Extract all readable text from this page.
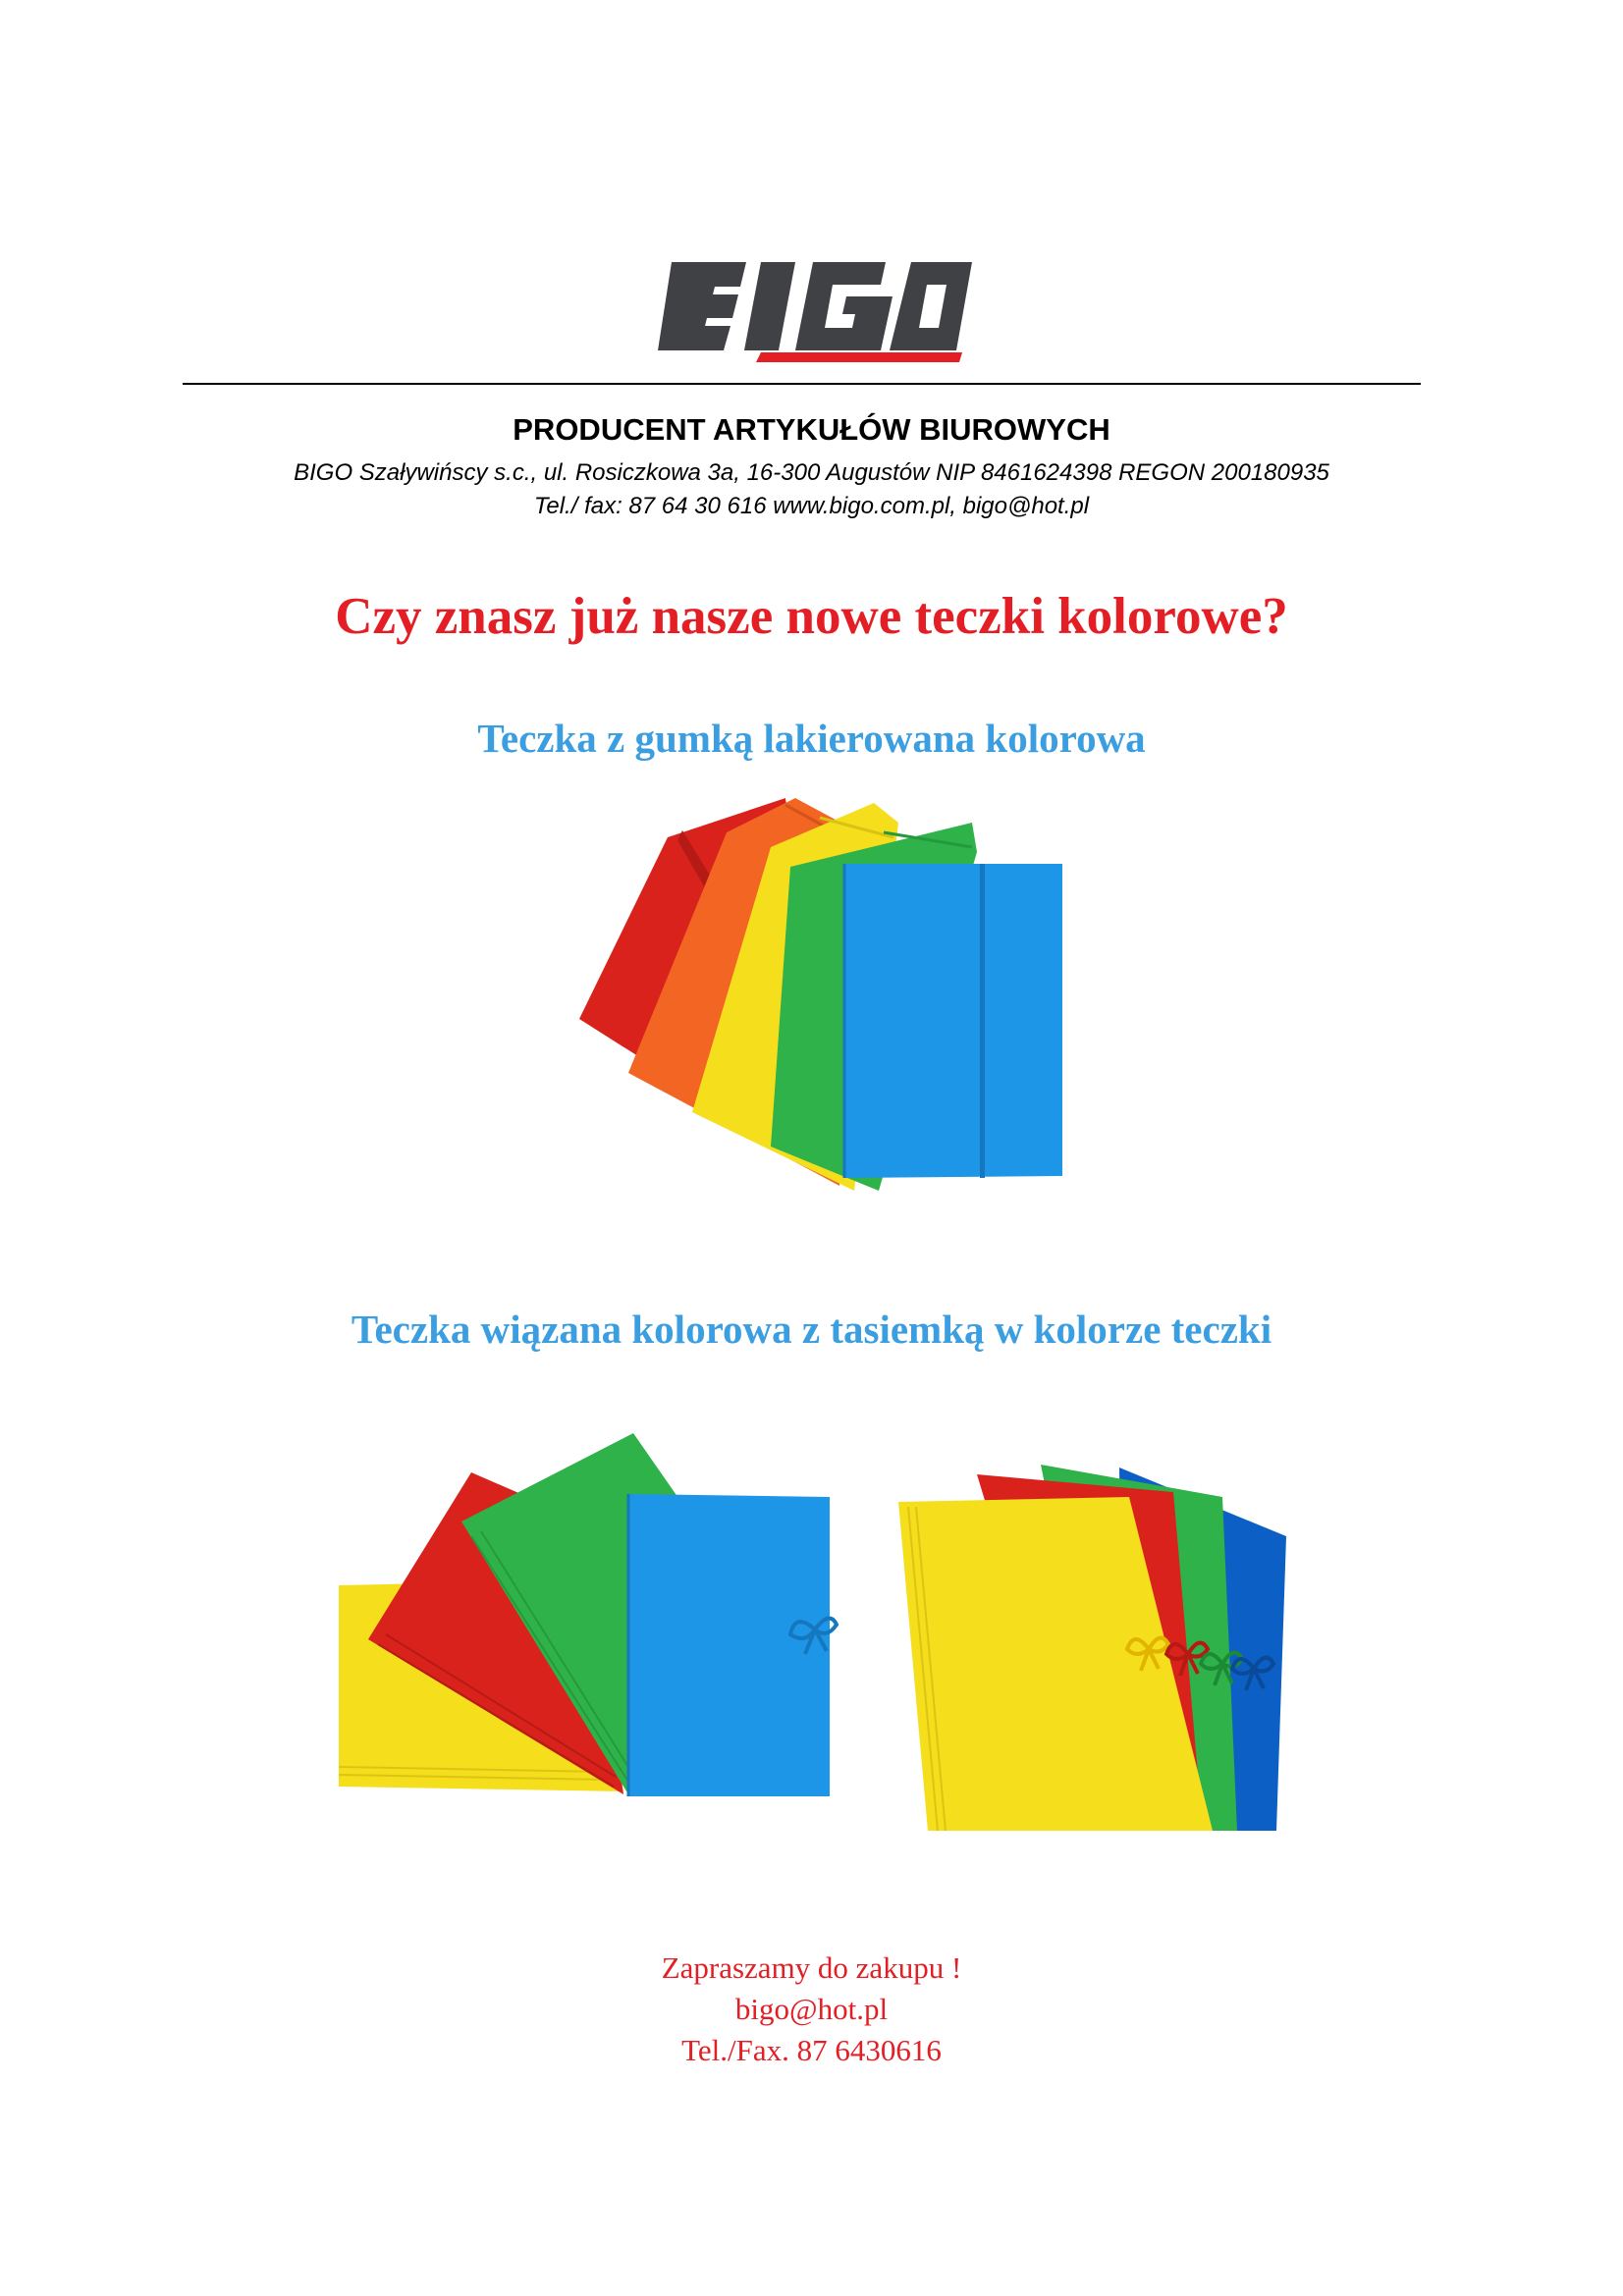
PRODUCENT ARTYKUŁÓW BIUROWYCH
BIGO Szaływińscy s.c., ul. Rosiczkowa 3a, 16-300 Augustów NIP 8461624398 REGON 200180935
Tel./ fax: 87 64 30 616 www.bigo.com.pl, bigo@hot.pl
Czy znasz już nasze nowe teczki kolorowe?
Teczka z gumką lakierowana kolorowa
Teczka wiązana kolorowa z tasiemką w kolorze teczki
Zapraszamy do zakupu !
bigo@hot.pl
Tel./Fax. 87 6430616
